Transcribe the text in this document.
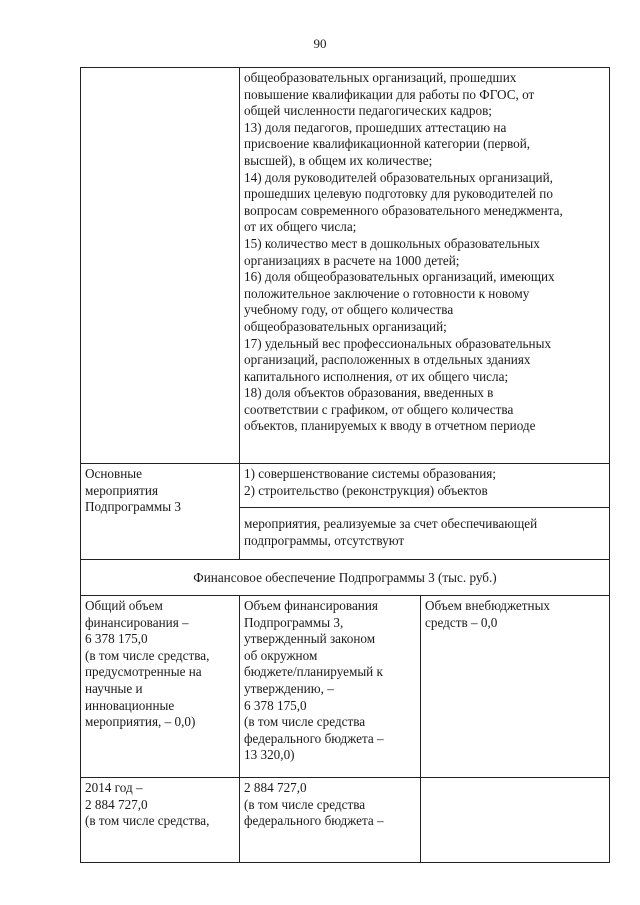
90
общеобразовательных организаций, прошедших
повышение квалификации для работы по ФГОС, от
общей численности педагогических кадров;
13) доля педагогов, прошедших аттестацию на
присвоение квалификационной категории (первой,
высшей), в общем их количестве;
14) доля руководителей образовательных организаций,
прошедших целевую подготовку для руководителей по
вопросам современного образовательного менеджмента,
от их общего числа;
15) количество мест в дошкольных образовательных
организациях в расчете на 1000 детей;
16) доля общеобразовательных организаций, имеющих
положительное заключение о готовности к новому
учебному году, от общего количества
общеобразовательных организаций;
17) удельный вес профессиональных образовательных
организаций, расположенных в отдельных зданиях
капитального исполнения, от их общего числа;
18) доля объектов образования, введенных в
соответствии с графиком, от общего количества
объектов, планируемых к вводу в отчетном периоде
Основные
мероприятия
Подпрограммы 3
1) совершенствование системы образования;
2) строительство (реконструкция) объектов
мероприятия, реализуемые за счет обеспечивающей
подпрограммы, отсутствуют
Финансовое обеспечение Подпрограммы 3 (тыс. руб.)
Общий объем
финансирования –
6 378 175,0
(в том числе средства,
предусмотренные на
научные и
инновационные
мероприятия, – 0,0)
Объем финансирования
Подпрограммы 3,
утвержденный законом
об окружном
бюджете/планируемый к
утверждению, –
6 378 175,0
(в том числе средства
федерального бюджета –
13 320,0)
Объем внебюджетных
средств – 0,0
2014 год –
2 884 727,0
(в том числе средства,
2 884 727,0
(в том числе средства
федерального бюджета –
